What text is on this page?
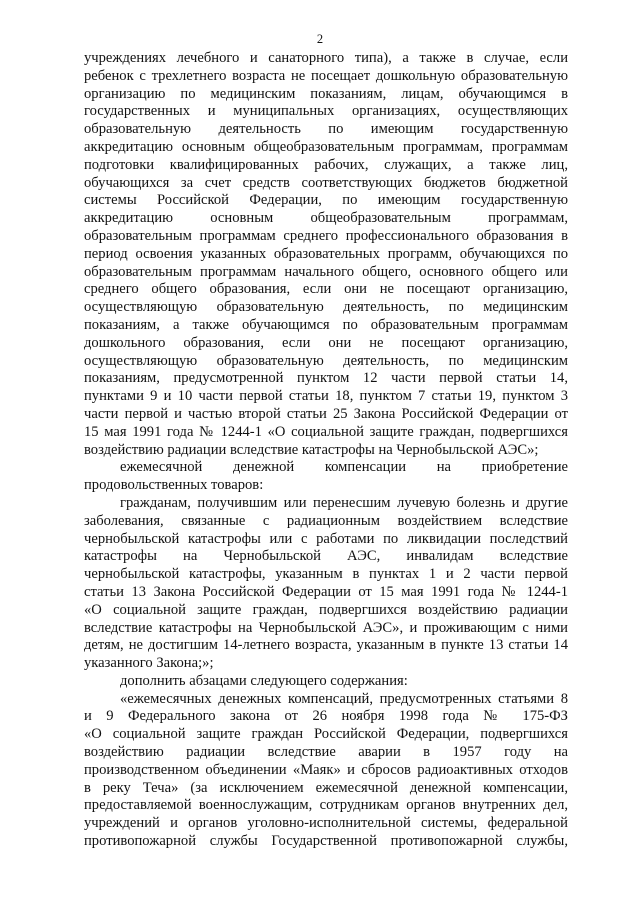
2
учреждениях лечебного и санаторного типа), а также в случае, если
ребенок с трехлетнего возраста не посещает дошкольную образовательную
организацию по медицинским показаниям, лицам, обучающимся в
государственных и муниципальных организациях, осуществляющих
образовательную деятельность по имеющим государственную
аккредитацию основным общеобразовательным программам, программам
подготовки квалифицированных рабочих, служащих, а также лиц,
обучающихся за счет средств соответствующих бюджетов бюджетной
системы Российской Федерации, по имеющим государственную
аккредитацию основным общеобразовательным программам,
образовательным программам среднего профессионального образования в
период освоения указанных образовательных программ, обучающихся по
образовательным программам начального общего, основного общего или
среднего общего образования, если они не посещают организацию,
осуществляющую образовательную деятельность, по медицинским
показаниям, а также обучающимся по образовательным программам
дошкольного образования, если они не посещают организацию,
осуществляющую образовательную деятельность, по медицинским
показаниям, предусмотренной пунктом 12 части первой статьи 14,
пунктами 9 и 10 части первой статьи 18, пунктом 7 статьи 19, пунктом 3
части первой и частью второй статьи 25 Закона Российской Федерации от
15 мая 1991 года № 1244-1 «О социальной защите граждан, подвергшихся
воздействию радиации вследствие катастрофы на Чернобыльской АЭС»;
ежемесячной денежной компенсации на приобретение
продовольственных товаров:
гражданам, получившим или перенесшим лучевую болезнь и другие
заболевания, связанные с радиационным воздействием вследствие
чернобыльской катастрофы или с работами по ликвидации последствий
катастрофы на Чернобыльской АЭС, инвалидам вследствие
чернобыльской катастрофы, указанным в пунктах 1 и 2 части первой
статьи 13 Закона Российской Федерации от 15 мая 1991 года № 1244-1
«О социальной защите граждан, подвергшихся воздействию радиации
вследствие катастрофы на Чернобыльской АЭС», и проживающим с ними
детям, не достигшим 14-летнего возраста, указанным в пункте 13 статьи 14
указанного Закона;»;
дополнить абзацами следующего содержания:
«ежемесячных денежных компенсаций, предусмотренных статьями 8
и 9 Федерального закона от 26 ноября 1998 года № 175-ФЗ
«О социальной защите граждан Российской Федерации, подвергшихся
воздействию радиации вследствие аварии в 1957 году на
производственном объединении «Маяк» и сбросов радиоактивных отходов
в реку Теча» (за исключением ежемесячной денежной компенсации,
предоставляемой военнослужащим, сотрудникам органов внутренних дел,
учреждений и органов уголовно-исполнительной системы, федеральной
противопожарной службы Государственной противопожарной службы,
